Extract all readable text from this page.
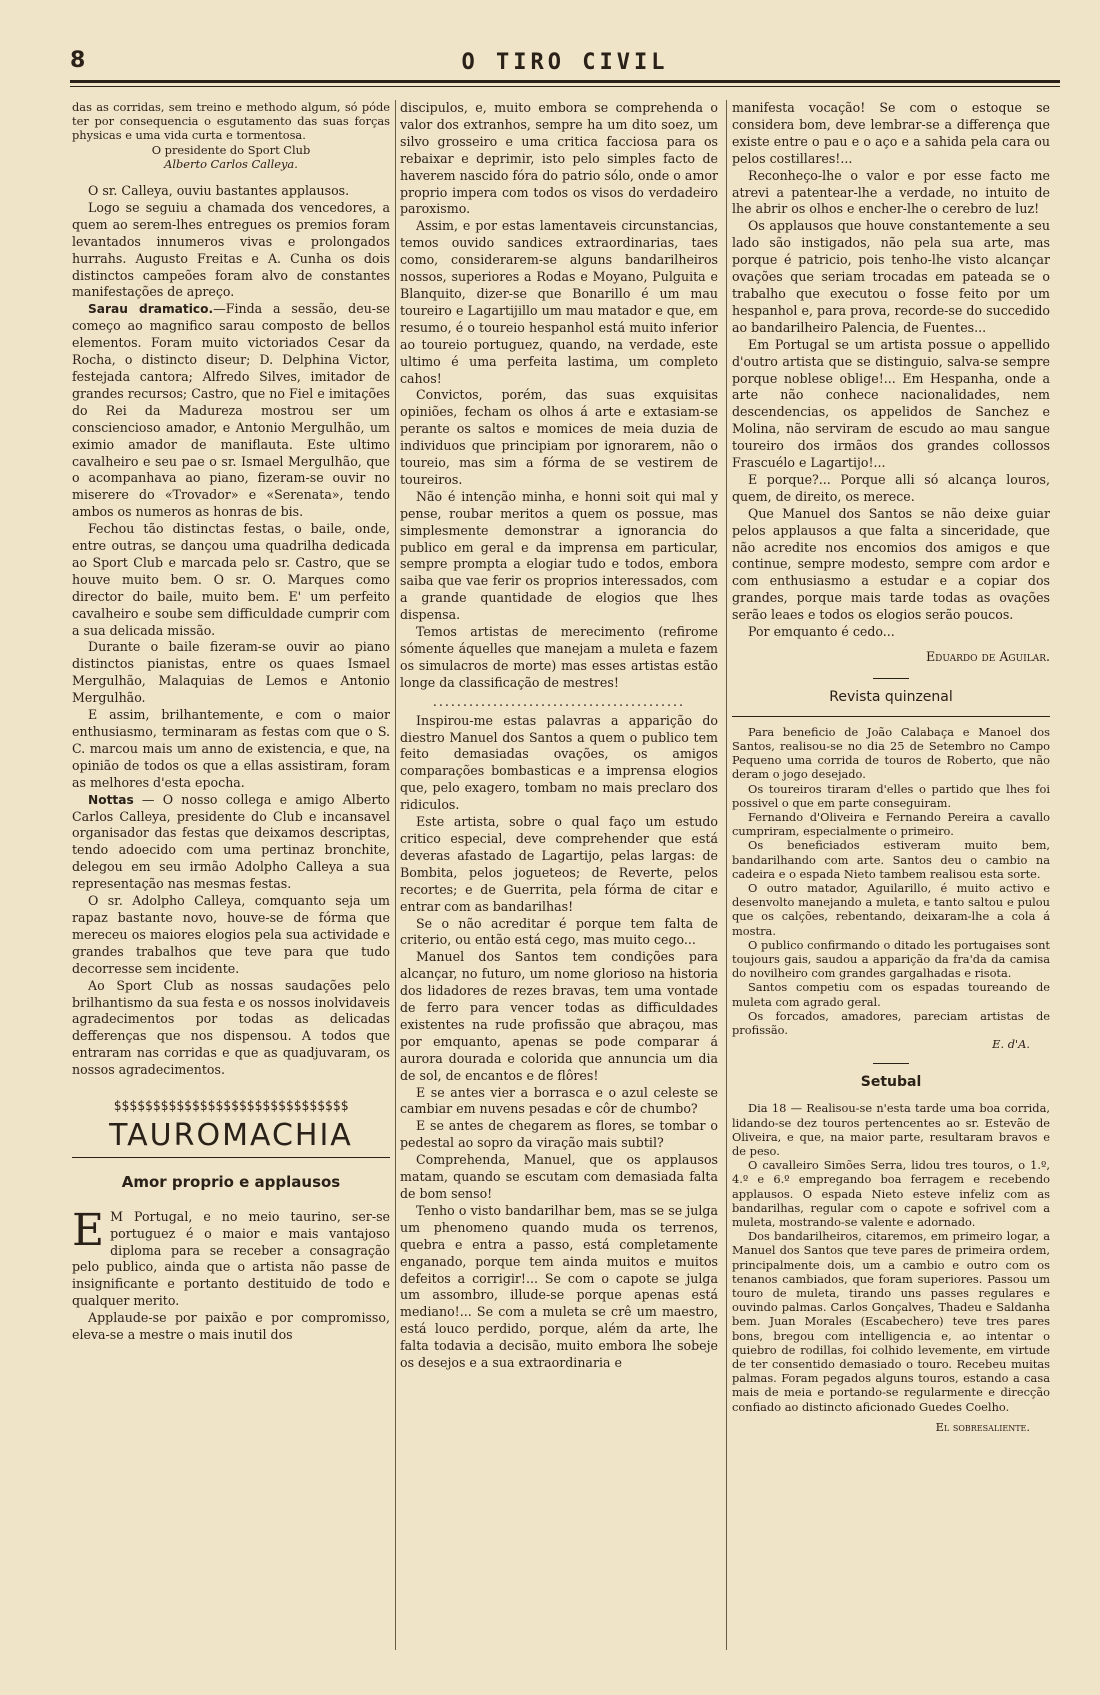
8	O TIRO CIVIL

das as corridas, sem treino e methodo algum, só póde ter por consequencia o esgutamento das suas forças physicas e uma vida curta e tormentosa.

O presidente do Sport Club

Alberto Carlos Calleya.

O sr. Calleya, ouviu bastantes applausos.

Logo se seguiu a chamada dos vencedores, a quem ao serem-lhes entregues os premios foram levantados innumeros vivas e prolongados hurrahs. Augusto Freitas e A. Cunha os dois distinctos campeões foram alvo de constantes manifestações de apreço.

Sarau dramatico.—Finda a sessão, deu-se começo ao magnifico sarau composto de bellos elementos. Foram muito victoriados Cesar da Rocha, o distincto diseur; D. Delphina Victor, festejada cantora; Alfredo Silves, imitador de grandes recursos; Castro, que no Fiel e imitações do Rei da Madureza mostrou ser um consciencioso amador, e Antonio Mergulhão, um eximio amador de maniflauta. Este ultimo cavalheiro e seu pae o sr. Ismael Mergulhão, que o acompanhava ao piano, fizeram-se ouvir no miserere do «Trovador» e «Serenata», tendo ambos os numeros as honras de bis.

Fechou tão distinctas festas, o baile, onde, entre outras, se dançou uma quadrilha dedicada ao Sport Club e marcada pelo sr. Castro, que se houve muito bem. O sr. O. Marques como director do baile, muito bem. E' um perfeito cavalheiro e soube sem difficuldade cumprir com a sua delicada missão.

Durante o baile fizeram-se ouvir ao piano distinctos pianistas, entre os quaes Ismael Mergulhão, Malaquias de Lemos e Antonio Mergulhão.

E assim, brilhantemente, e com o maior enthusiasmo, terminaram as festas com que o S. C. marcou mais um anno de existencia, e que, na opinião de todos os que a ellas assistiram, foram as melhores d'esta epocha.

Nottas — O nosso collega e amigo Alberto Carlos Calleya, presidente do Club e incansavel organisador das festas que deixamos descriptas, tendo adoecido com uma pertinaz bronchite, delegou em seu irmão Adolpho Calleya a sua representação nas mesmas festas.

O sr. Adolpho Calleya, comquanto seja um rapaz bastante novo, houve-se de fórma que mereceu os maiores elogios pela sua actividade e grandes trabalhos que teve para que tudo decorresse sem incidente.

Ao Sport Club as nossas saudações pelo brilhantismo da sua festa e os nossos inolvidaveis agradecimentos por todas as delicadas defferenças que nos dispensou. A todos que entraram nas corridas e que as quadjuvaram, os nossos agradecimentos.

$$$$$$$$$$$$$$$$$$$$$$$$$$$$$$
TAUROMACHIA
Amor proprio e applausos

E M Portugal, e no meio taurino, ser-se portuguez é o maior e mais vantajoso diploma para se receber a consagração pelo publico, ainda que o artista não passe de insignificante e portanto destituido de todo e qualquer merito.

Applaude-se por paixão e por compromisso, eleva-se a mestre o mais inutil dos

discipulos, e, muito embora se comprehenda o valor dos extranhos, sempre ha um dito soez, um silvo grosseiro e uma critica facciosa para os rebaixar e deprimir, isto pelo simples facto de haverem nascido fóra do patrio sólo, onde o amor proprio impera com todos os visos do verdadeiro paroxismo.

Assim, e por estas lamentaveis circunstancias, temos ouvido sandices extraordinarias, taes como, considerarem-se alguns bandarilheiros nossos, superiores a Rodas e Moyano, Pulguita e Blanquito, dizer-se que Bonarillo é um mau toureiro e Lagartijillo um mau matador e que, em resumo, é o toureio hespanhol está muito inferior ao toureio portuguez, quando, na verdade, este ultimo é uma perfeita lastima, um completo cahos!

Convictos, porém, das suas exquisitas opiniões, fecham os olhos á arte e extasiam-se perante os saltos e momices de meia duzia de individuos que principiam por ignorarem, não o toureio, mas sim a fórma de se vestirem de toureiros.

Não é intenção minha, e honni soit qui mal y pense, roubar meritos a quem os possue, mas simplesmente demonstrar a ignorancia do publico em geral e da imprensa em particular, sempre prompta a elogiar tudo e todos, embora saiba que vae ferir os proprios interessados, com a grande quantidade de elogios que lhes dispensa.

Temos artistas de merecimento (refirome sómente áquelles que manejam a muleta e fazem os simulacros de morte) mas esses artistas estão longe da classificação de mestres!

..........................................

Inspirou-me estas palavras a apparição do diestro Manuel dos Santos a quem o publico tem feito demasiadas ovações, os amigos comparações bombasticas e a imprensa elogios que, pelo exagero, tombam no mais preclaro dos ridiculos.

Este artista, sobre o qual faço um estudo critico especial, deve comprehender que está deveras afastado de Lagartijo, pelas largas: de Bombita, pelos jogueteos; de Reverte, pelos recortes; e de Guerrita, pela fórma de citar e entrar com as bandarilhas!

Se o não acreditar é porque tem falta de criterio, ou então está cego, mas muito cego...

Manuel dos Santos tem condições para alcançar, no futuro, um nome glorioso na historia dos lidadores de rezes bravas, tem uma vontade de ferro para vencer todas as difficuldades existentes na rude profissão que abraçou, mas por emquanto, apenas se pode comparar á aurora dourada e colorida que annuncia um dia de sol, de encantos e de flôres!

E se antes vier a borrasca e o azul celeste se cambiar em nuvens pesadas e côr de chumbo?

E se antes de chegarem as flores, se tombar o pedestal ao sopro da viração mais subtil?

Comprehenda, Manuel, que os applausos matam, quando se escutam com demasiada falta de bom senso!

Tenho o visto bandarilhar bem, mas se se julga um phenomeno quando muda os terrenos, quebra e entra a passo, está completamente enganado, porque tem ainda muitos e muitos defeitos a corrigir!... Se com o capote se julga um assombro, illude-se porque apenas está mediano!... Se com a muleta se crê um maestro, está louco perdido, porque, além da arte, lhe falta todavia a decisão, muito embora lhe sobeje os desejos e a sua extraordinaria e

manifesta vocação! Se com o estoque se considera bom, deve lembrar-se a differença que existe entre o pau e o aço e a sahida pela cara ou pelos costillares!...

Reconheço-lhe o valor e por esse facto me atrevi a patentear-lhe a verdade, no intuito de lhe abrir os olhos e encher-lhe o cerebro de luz!

Os applausos que houve constantemente a seu lado são instigados, não pela sua arte, mas porque é patricio, pois tenho-lhe visto alcançar ovações que seriam trocadas em pateada se o trabalho que executou o fosse feito por um hespanhol e, para prova, recorde-se do succedido ao bandarilheiro Palencia, de Fuentes...

Em Portugal se um artista possue o appellido d'outro artista que se distinguio, salva-se sempre porque noblese oblige!... Em Hespanha, onde a arte não conhece nacionalidades, nem descendencias, os appelidos de Sanchez e Molina, não serviram de escudo ao mau sangue toureiro dos irmãos dos grandes collossos Frascuélo e Lagartijo!...

E porque?... Porque alli só alcança louros, quem, de direito, os merece.

Que Manuel dos Santos se não deixe guiar pelos applausos a que falta a sinceridade, que não acredite nos encomios dos amigos e que continue, sempre modesto, sempre com ardor e com enthusiasmo a estudar e a copiar dos grandes, porque mais tarde todas as ovações serão leaes e todos os elogios serão poucos.

Por emquanto é cedo...

Eduardo de Aguilar.

Revista quinzenal

Para beneficio de João Calabaça e Manoel dos Santos, realisou-se no dia 25 de Setembro no Campo Pequeno uma corrida de touros de Roberto, que não deram o jogo desejado.

Os toureiros tiraram d'elles o partido que lhes foi possivel o que em parte conseguiram.

Fernando d'Oliveira e Fernando Pereira a cavallo cumpriram, especialmente o primeiro.

Os beneficiados estiveram muito bem, bandarilhando com arte. Santos deu o cambio na cadeira e o espada Nieto tambem realisou esta sorte.

O outro matador, Aguilarillo, é muito activo e desenvolto manejando a muleta, e tanto saltou e pulou que os calções, rebentando, deixaram-lhe a cola á mostra.

O publico confirmando o ditado les portugaises sont toujours gais, saudou a apparição da fra'da da camisa do novilheiro com grandes gargalhadas e risota.

Santos competiu com os espadas toureando de muleta com agrado geral.

Os forcados, amadores, pareciam artistas de profissão.

E. d'A.

Setubal

Dia 18 — Realisou-se n'esta tarde uma boa corrida, lidando-se dez touros pertencentes ao sr. Estevão de Oliveira, e que, na maior parte, resultaram bravos e de peso.

O cavalleiro Simões Serra, lidou tres touros, o 1.º, 4.º e 6.º empregando boa ferragem e recebendo applausos. O espada Nieto esteve infeliz com as bandarilhas, regular com o capote e sofrivel com a muleta, mostrando-se valente e adornado.

Dos bandarilheiros, citaremos, em primeiro logar, a Manuel dos Santos que teve pares de primeira ordem, principalmente dois, um a cambio e outro com os tenanos cambiados, que foram superiores. Passou um touro de muleta, tirando uns passes regulares e ouvindo palmas. Carlos Gonçalves, Thadeu e Saldanha bem. Juan Morales (Escabechero) teve tres pares bons, bregou com intelligencia e, ao intentar o quiebro de rodillas, foi colhido levemente, em virtude de ter consentido demasiado o touro. Recebeu muitas palmas. Foram pegados alguns touros, estando a casa mais de meia e portando-se regularmente e direcção confiado ao distincto aficionado Guedes Coelho.

El sobresaliente.
